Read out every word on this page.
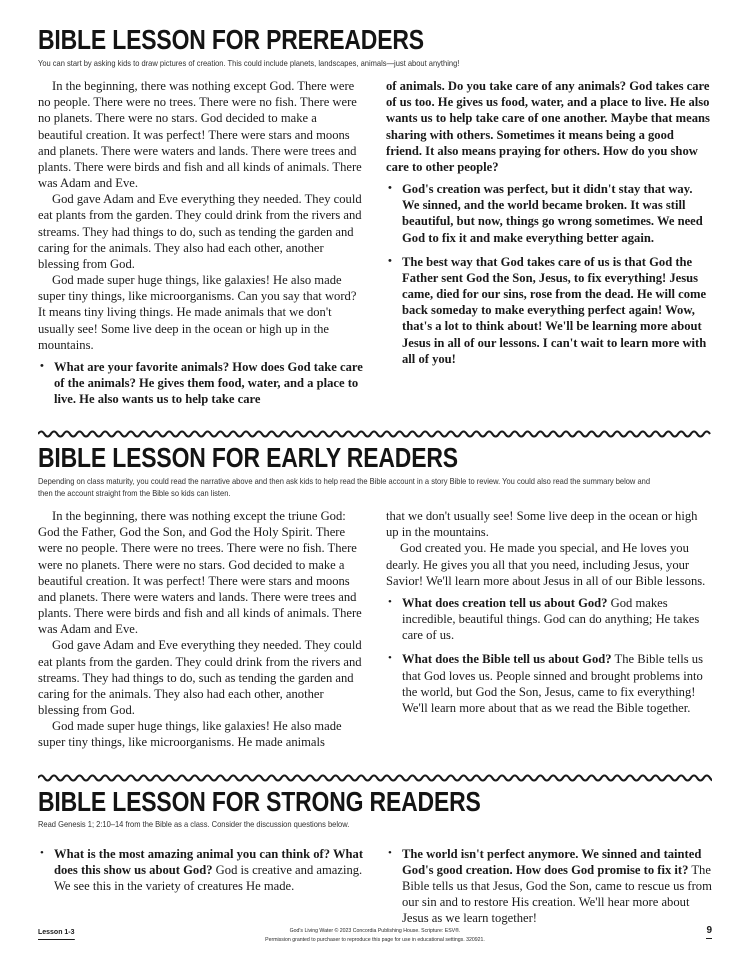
BIBLE LESSON FOR PREREADERS

You can start by asking kids to draw pictures of creation. This could include planets, landscapes, animals—just about anything!

In the beginning, there was nothing except God. There were no people. There were no trees. There were no fish. There were no planets. There were no stars. God decided to make a beautiful creation. It was perfect! There were stars and moons and planets. There were waters and lands. There were trees and plants. There were birds and fish and all kinds of animals. There was Adam and Eve.

God gave Adam and Eve everything they needed. They could eat plants from the garden. They could drink from the rivers and streams. They had things to do, such as tending the garden and caring for the animals. They also had each other, another blessing from God.

God made super huge things, like galaxies! He also made super tiny things, like microorganisms. Can you say that word? It means tiny living things. He made animals that we don't usually see! Some live deep in the ocean or high up in the mountains.

• What are your favorite animals? How does God take care of the animals? He gives them food, water, and a place to live. He also wants us to help take care

of animals. Do you take care of any animals? God takes care of us too. He gives us food, water, and a place to live. He also wants us to help take care of one another. Maybe that means sharing with others. Sometimes it means being a good friend. It also means praying for others. How do you show care to other people?

• God's creation was perfect, but it didn't stay that way. We sinned, and the world became broken. It was still beautiful, but now, things go wrong sometimes. We need God to fix it and make everything better again.
• The best way that God takes care of us is that God the Father sent God the Son, Jesus, to fix everything! Jesus came, died for our sins, rose from the dead. He will come back someday to make everything perfect again! Wow, that's a lot to think about! We'll be learning more about Jesus in all of our lessons. I can't wait to learn more with all of you!
BIBLE LESSON FOR EARLY READERS

Depending on class maturity, you could read the narrative above and then ask kids to help read the Bible account in a story Bible to review. You could also read the summary below and then the account straight from the Bible so kids can listen.

In the beginning, there was nothing except the triune God: God the Father, God the Son, and God the Holy Spirit. There were no people. There were no trees. There were no fish. There were no planets. There were no stars. God decided to make a beautiful creation. It was perfect! There were stars and moons and planets. There were waters and lands. There were trees and plants. There were birds and fish and all kinds of animals. There was Adam and Eve.

God gave Adam and Eve everything they needed. They could eat plants from the garden. They could drink from the rivers and streams. They had things to do, such as tending the garden and caring for the animals. They also had each other, another blessing from God.

God made super huge things, like galaxies! He also made super tiny things, like microorganisms. He made animals

that we don't usually see! Some live deep in the ocean or high up in the mountains.

God created you. He made you special, and He loves you dearly. He gives you all that you need, including Jesus, your Savior! We'll learn more about Jesus in all of our Bible lessons.

• What does creation tell us about God? God makes incredible, beautiful things. God can do anything; He takes care of us.
• What does the Bible tell us about God? The Bible tells us that God loves us. People sinned and brought problems into the world, but God the Son, Jesus, came to fix everything! We'll learn more about that as we read the Bible together.
BIBLE LESSON FOR STRONG READERS

Read Genesis 1; 2:10–14 from the Bible as a class. Consider the discussion questions below.

• What is the most amazing animal you can think of? What does this show us about God? God is creative and amazing. We see this in the variety of creatures He made.
• The world isn't perfect anymore. We sinned and tainted God's good creation. How does God promise to fix it? The Bible tells us that Jesus, God the Son, came to rescue us from our sin and to restore His creation. We'll hear more about Jesus as we learn together!
Lesson 1-3	God's Living Water © 2023 Concordia Publishing House. Scripture: ESV®.
Permission granted to purchaser to reproduce this page for use in educational settings. 320921.
9
